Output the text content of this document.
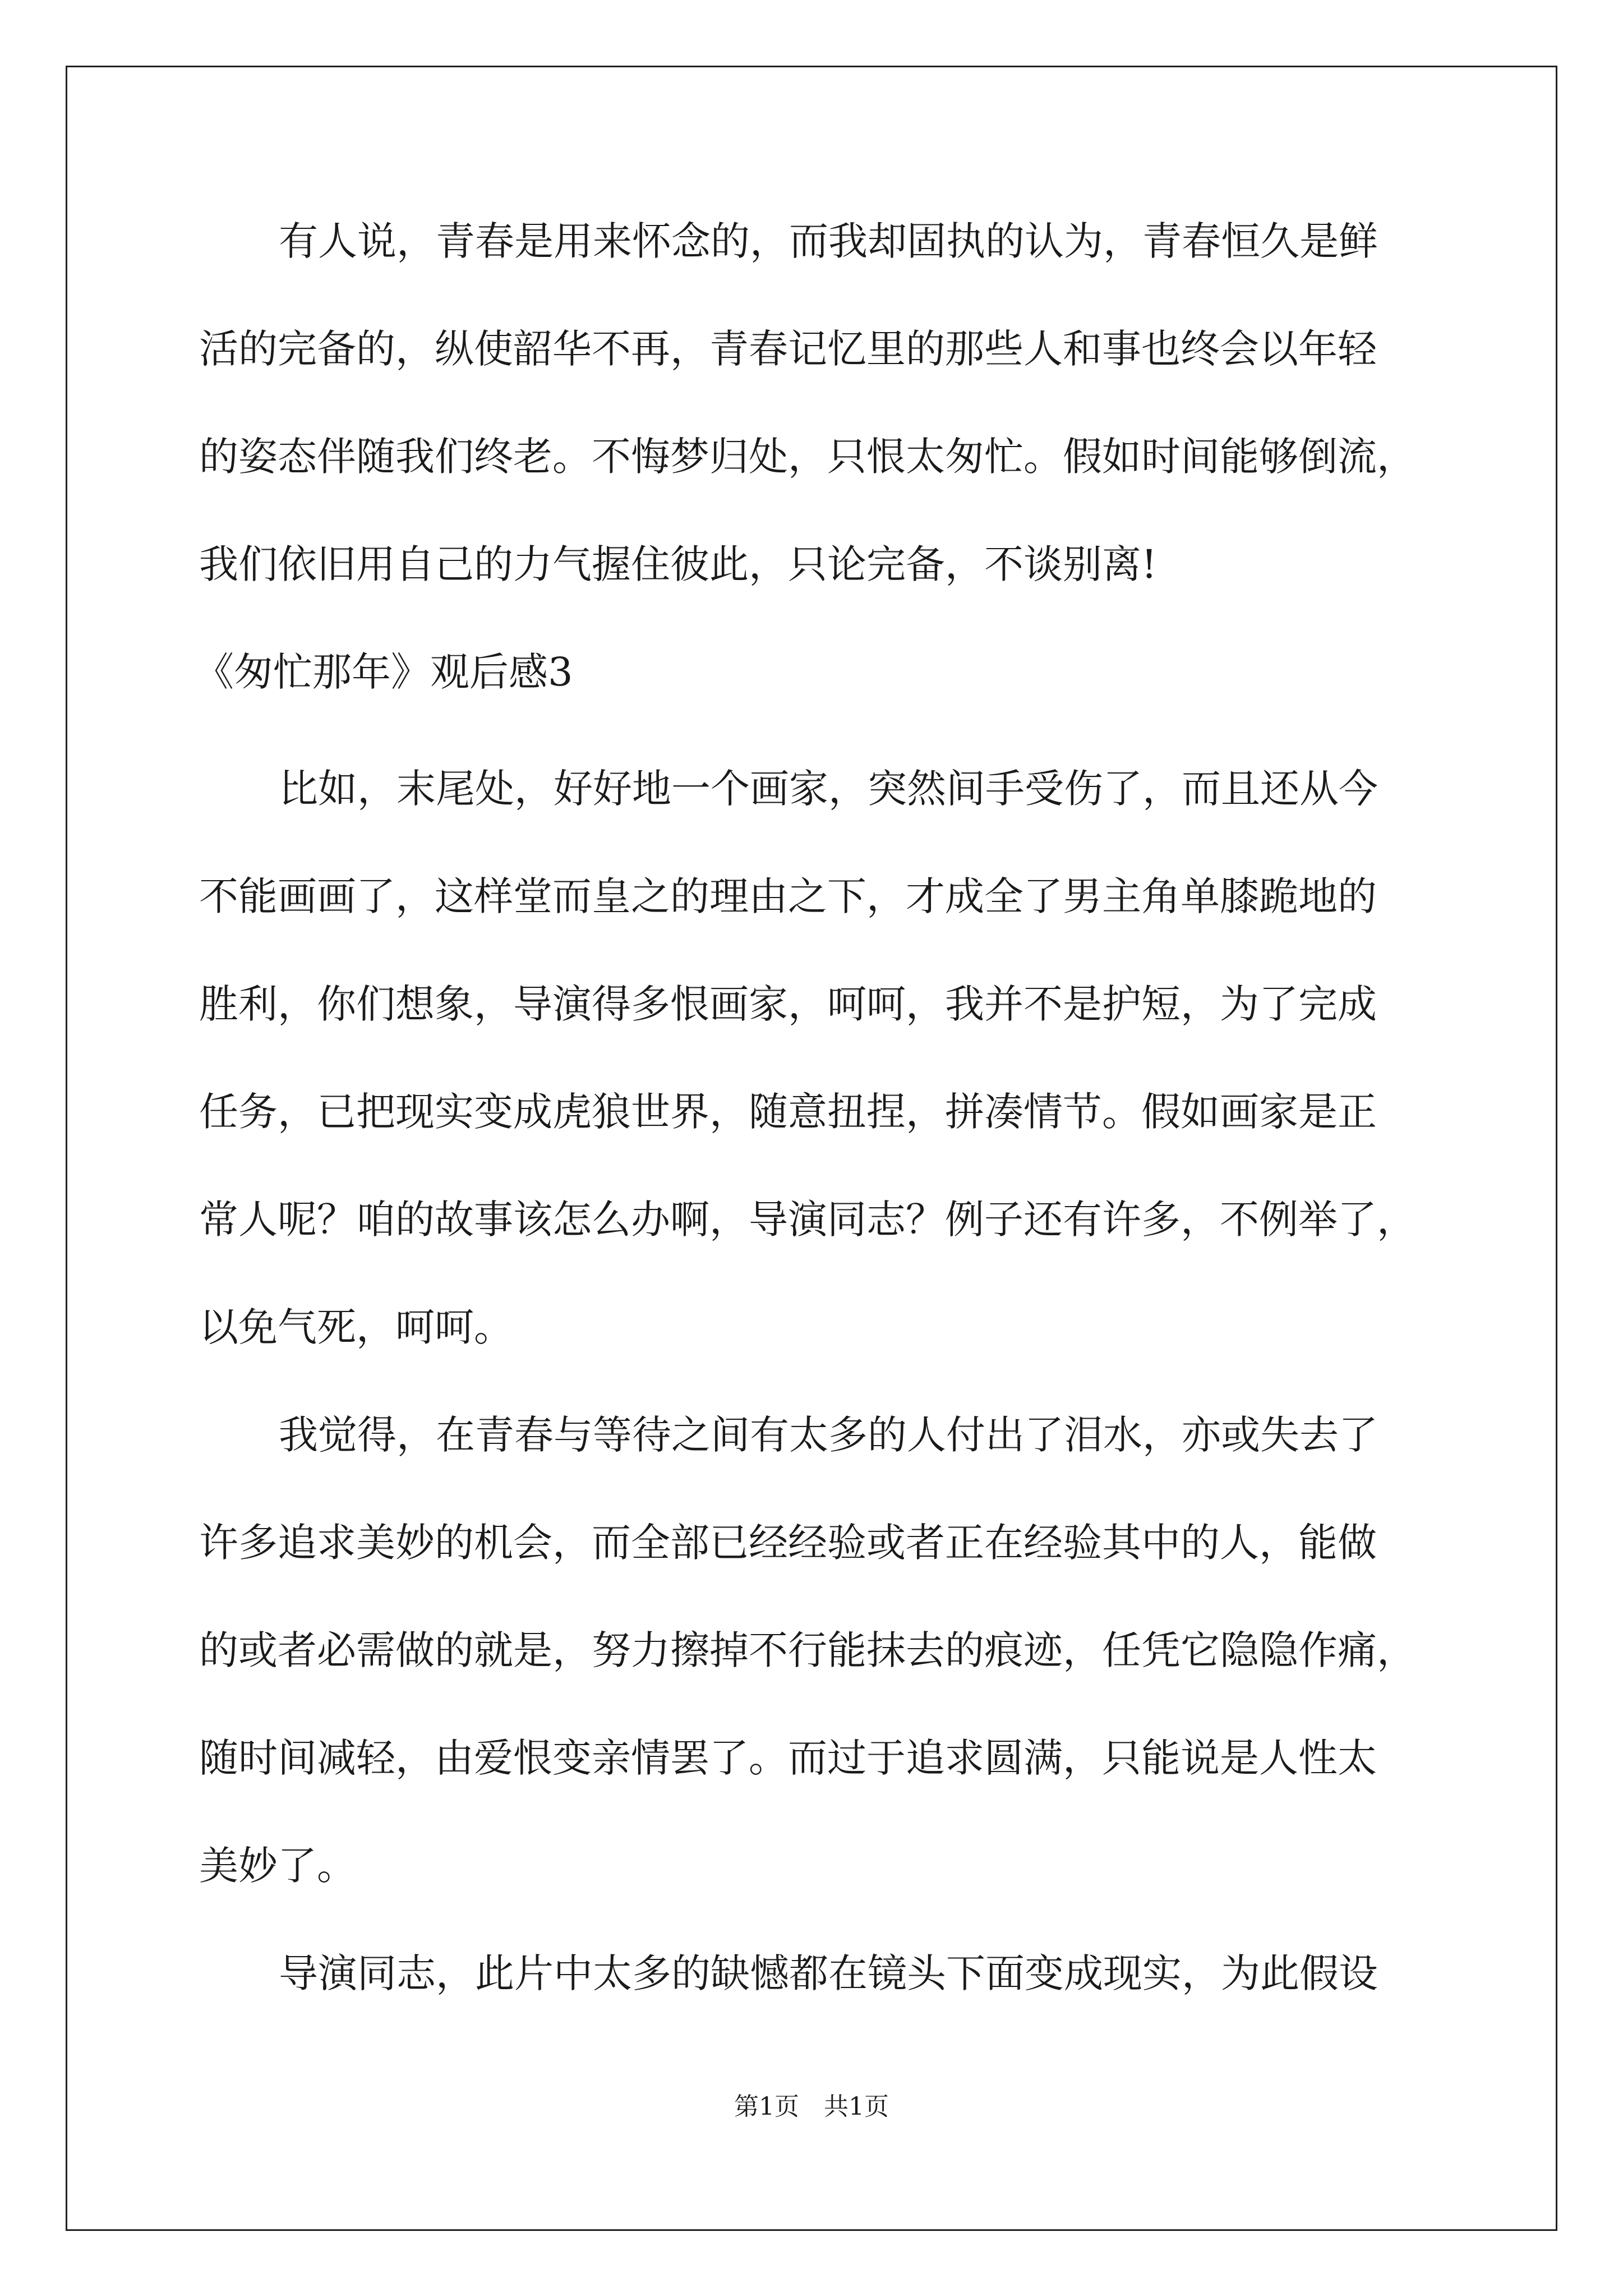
有人说，青春是用来怀念的，而我却固执的认为，青春恒久是鲜
活的完备的，纵使韶华不再，青春记忆里的那些人和事也终会以年轻
的姿态伴随我们终老。不悔梦归处，只恨太匆忙。假如时间能够倒流，
我们依旧用自己的力气握住彼此，只论完备，不谈别离!
《匆忙那年》观后感3
比如，末尾处，好好地一个画家，突然间手受伤了，而且还从今
不能画画了，这样堂而皇之的理由之下，才成全了男主角单膝跪地的
胜利，你们想象，导演得多恨画家，呵呵，我并不是护短，为了完成
任务，已把现实变成虎狼世界，随意扭捏，拼凑情节。假如画家是正
常人呢？咱的故事该怎么办啊，导演同志？例子还有许多，不例举了，
以免气死，呵呵。
我觉得，在青春与等待之间有太多的人付出了泪水，亦或失去了
许多追求美妙的机会，而全部已经经验或者正在经验其中的人，能做
的或者必需做的就是，努力擦掉不行能抹去的痕迹，任凭它隐隐作痛，
随时间减轻，由爱恨变亲情罢了。而过于追求圆满，只能说是人性太
美妙了。
导演同志，此片中太多的缺憾都在镜头下面变成现实，为此假设
第1页　共1页
